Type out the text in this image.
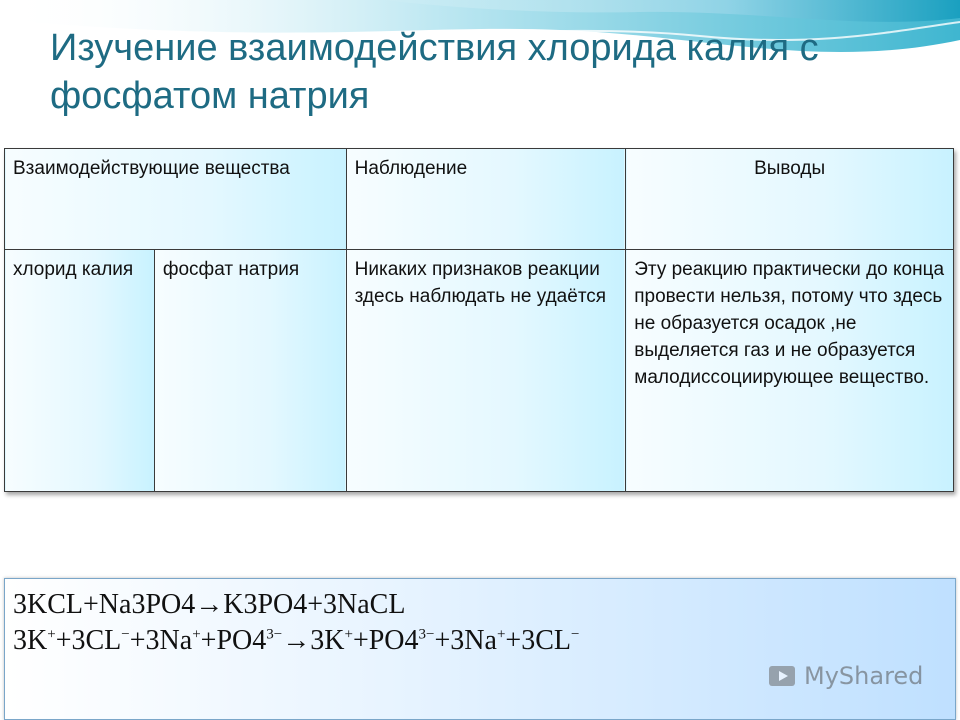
Изучение взаимодействия хлорида калия с фосфатом натрия
Взаимодействующие вещества		Наблюдение	Выводы
хлорид калия	фосфат натрия	Никаких признаков реакции здесь наблюдать не удаётся	Эту реакцию практически до конца провести нельзя, потому что здесь не образуется осадок ,не выделяется газ и не образуется малодиссоциирующее вещество.
3KCL+Na3PO4→K3PO4+3NaCL
$3K^++3CL^-+3Na^++PO4^{3-}\to 3K^++PO4^{3-}+3Na^++3CL^-$
MyShared
